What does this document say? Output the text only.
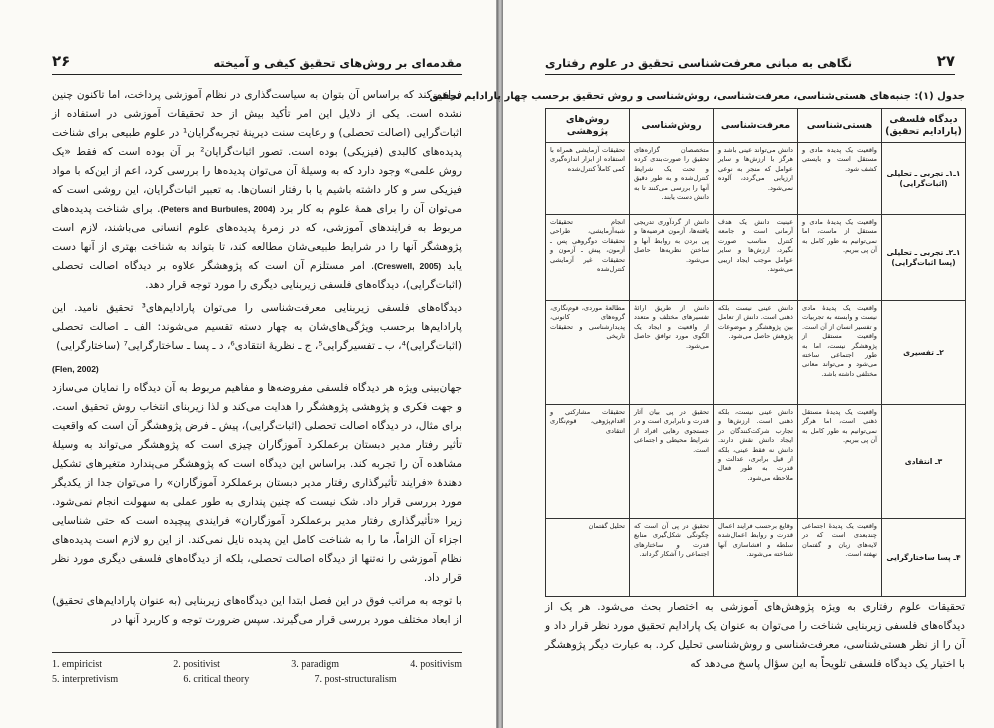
۲۶	مقدمه‌ای بر روش‌های تحقیق کیفی و آمیخته

فراهم کند که براساس آن بتوان به سیاست‌گذاری در نظام آموزشی پرداخت، اما تاکنون چنین نشده است. یکی از دلایل این امر تأکید بیش از حد تحقیقات آموزشی در استفاده از اثبات‌گرایی (اصالت تحصلی) و رعایت سنت دیرینهٔ تجربه‌گرایان¹ در علوم طبیعی برای شناخت پدیده‌های کالبدی (فیزیکی) بوده است. تصور اثبات‌گرایان² بر آن بوده است که فقط «یک روش علمی» وجود دارد که به وسیلهٔ آن می‌توان پدیده‌ها را بررسی کرد، اعم از این‌که با مواد فیزیکی سر و کار داشته باشیم یا با رفتار انسان‌ها. به تعبیر اثبات‌گرایان، این روشی است که می‌توان آن را برای همهٔ علوم به کار برد (Peters and Burbules, 2004). برای شناخت پدیده‌های مربوط به فرایندهای آموزشی، که در زمرهٔ پدیده‌های علوم انسانی می‌باشند، لازم است پژوهشگر آنها را در شرایط طبیعی‌شان مطالعه کند، تا بتواند به شناخت بهتری از آنها دست یابد (Creswell, 2005). امر مستلزم آن است که پژوهشگر علاوه بر دیدگاه اصالت تحصلی (اثبات‌گرایی)، دیدگاه‌های فلسفی زیربنایی دیگری را مورد توجه قرار دهد.

دیدگاه‌های فلسفی زیربنایی معرفت‌شناسی را می‌توان پارادایم‌های³ تحقیق نامید. این پارادایم‌ها برحسب ویژگی‌های‌شان به چهار دسته تقسیم می‌شوند: الف ـ اصالت تحصلی (اثبات‌گرایی)⁴، ب ـ تفسیرگرایی⁵، ج ـ نظریهٔ انتقادی⁶، د ـ پسا ـ ساختارگرایی⁷ (ساختارگرایی)

(Flen, 2002)

جهان‌بینی ویژه هر دیدگاه فلسفی مفروضه‌ها و مفاهیم مربوط به آن دیدگاه را نمایان می‌سازد و جهت فکری و پژوهشی پژوهشگر را هدایت می‌کند و لذا زیربنای انتخاب روش تحقیق است. برای مثال، در دیدگاه اصالت تحصلی (اثبات‌گرایی)، پیش ـ فرض پژوهشگر آن است که واقعیت تأثیر رفتار مدیر دبستان برعملکرد آموزگاران چیزی است که پژوهشگر می‌تواند به وسیلهٔ مشاهده آن را تجربه کند. براساس این دیدگاه است که پژوهشگر می‌پندارد متغیرهای تشکیل دهندهٔ «فرایند تأثیرگذاری رفتار مدیر دبستان برعملکرد آموزگاران» را می‌توان جدا از یکدیگر مورد بررسی قرار داد. شک نیست که چنین پنداری به طور عملی به سهولت انجام نمی‌شود. زیرا «تأثیرگذاری رفتار مدیر برعملکرد آموزگاران» فرایندی پیچیده است که حتی شناسایی اجزاء آن الزاماً، ما را به شناخت کامل این پدیده نایل نمی‌کند. از این رو لازم است پدیده‌های نظام آموزشی را نه‌تنها از دیدگاه اصالت تحصلی، بلکه از دیدگاه‌های فلسفی دیگری مورد نظر قرار داد.

با توجه به مراتب فوق در این فصل ابتدا این دیدگاه‌های زیربنایی (به عنوان پارادایم‌های تحقیق) از ابعاد مختلف مورد بررسی قرار می‌گیرند. سپس ضرورت توجه و کاربرد آنها در

1. empiricist	2. positivist	3. paradigm	4. positivism
5. interpretivism	6. critical theory	7. post-structuralism
نگاهی به مبانی معرفت‌شناسی تحقیق در علوم رفتاری	۲۷
جدول (۱): جنبه‌های هستی‌شناسی، معرفت‌شناسی، روش‌شناسی و روش تحقیق برحسب چهار پارادایم تحقیق
دیدگاه فلسفی (پارادایم تحقیق)	هستی‌شناسی	معرفت‌شناسی	روش‌شناسی	روش‌های پژوهشی
۱ـ۱ـ تجربی ـ تحلیلی (اثبات‌گرایی)	واقعیت یک پدیده مادی و مستقل است و بایستی کشف شود.	دانش می‌تواند عینی باشد و هرگز با ارزش‌ها و سایر عوامل که منجر به نوعی ارزیابی می‌گردد، آلوده نمی‌شود.	متخصصان گزاره‌های تحقیق را صورت‌بندی کرده و تحت یک شرایط کنترل‌شده و به طور دقیق آنها را بررسی می‌کنند تا به دانش دست یابند.	تحقیقات آزمایشی همراه با استفاده از ابزار اندازه‌گیری کمی کاملاً کنترل‌شده
۱ـ۲ـ تجربی ـ تحلیلی (پسا اثبات‌گرایی)	واقعیت یک پدیدهٔ مادی و مستقل از ماست، اما نمی‌توانیم به طور کامل به آن پی ببریم.	عینیت دانش یک هدف آرمانی است و جامعه کنترل مناسب صورت نگیرد، ارزش‌ها و سایر عوامل موجب ایجاد اریبی می‌شوند.	دانش از گردآوری تدریجی یافته‌ها، آزمون فرضیه‌ها و پی بردن به روابط آنها و ساختن نظریه‌ها حاصل می‌شود.	انجام تحقیقات شبه‌آزمایشی، طراحی تحقیقات دوگروهی پس ـ آزمون، پیش ـ آزمون و تحقیقات غیر آزمایشی کنترل‌شده
۲ـ تفسیری	واقعیت یک پدیدهٔ مادی نیست و وابسته به تجربیات و تفسیر انسان از آن است. واقعیت مستقل از پژوهشگر نیست، اما به طور اجتماعی ساخته می‌شود و می‌تواند معانی مختلفی داشته باشد.	دانش عینی نیست بلکه ذهنی است. دانش از تعامل بین پژوهشگر و موضوعات پژوهش حاصل می‌شود.	دانش از طریق ارائهٔ تفسیرهای مختلف و متعدد از واقعیت و ایجاد یک الگوی مورد توافق حاصل می‌شود.	مطالعهٔ موردی، قوم‌نگاری، گروه‌های کانونی، پدیدارشناسی و تحقیقات تاریخی
۳ـ انتقادی	واقعیت یک پدیدهٔ مستقل ذهنی است، اما هرگز نمی‌توانیم به طور کامل به آن پی ببریم.	دانش عینی نیست، بلکه ذهنی است. ارزش‌ها و تجارب شرکت‌کنندگان در ایجاد دانش نقش دارند. دانش نه فقط عینی، بلکه از قیل برابری، عدالت و قدرت به طور فعال ملاحظه می‌شود.	تحقیق در پی بیان آثار قدرت و نابرابری است و در جستجوی رهایی افراد از شرایط محیطی و اجتماعی است.	تحقیقات مشارکتی و اقدام‌پژوهی، قوم‌نگاری انتقادی
۴ـ پسا ساختارگرایی	واقعیت یک پدیدهٔ اجتماعی چندبعدی است که در لایه‌های زبان و گفتمان نهفته است.	وقایع برحسب فرایند اعمال قدرت و روابط اعمال‌شده سلطه و افشاسازی آنها شناخته می‌شوند.	تحقیق در پی آن است که چگونگی شکل‌گیری منابع قدرت و ساختارهای اجتماعی را آشکار گرداند.	تحلیل گفتمان
تحقیقات علوم رفتاری به ویژه پژوهش‌های آموزشی به اختصار بحث می‌شود. هر یک از دیدگاه‌های فلسفی زیربنایی شناخت را می‌توان به عنوان یک پارادایم تحقیق مورد نظر قرار داد و آن را از نظر هستی‌شناسی، معرفت‌شناسی و روش‌شناسی تحلیل کرد. به عبارت دیگر پژوهشگر با اختیار یک دیدگاه فلسفی تلویحاً به این سؤال پاسخ می‌دهد که
